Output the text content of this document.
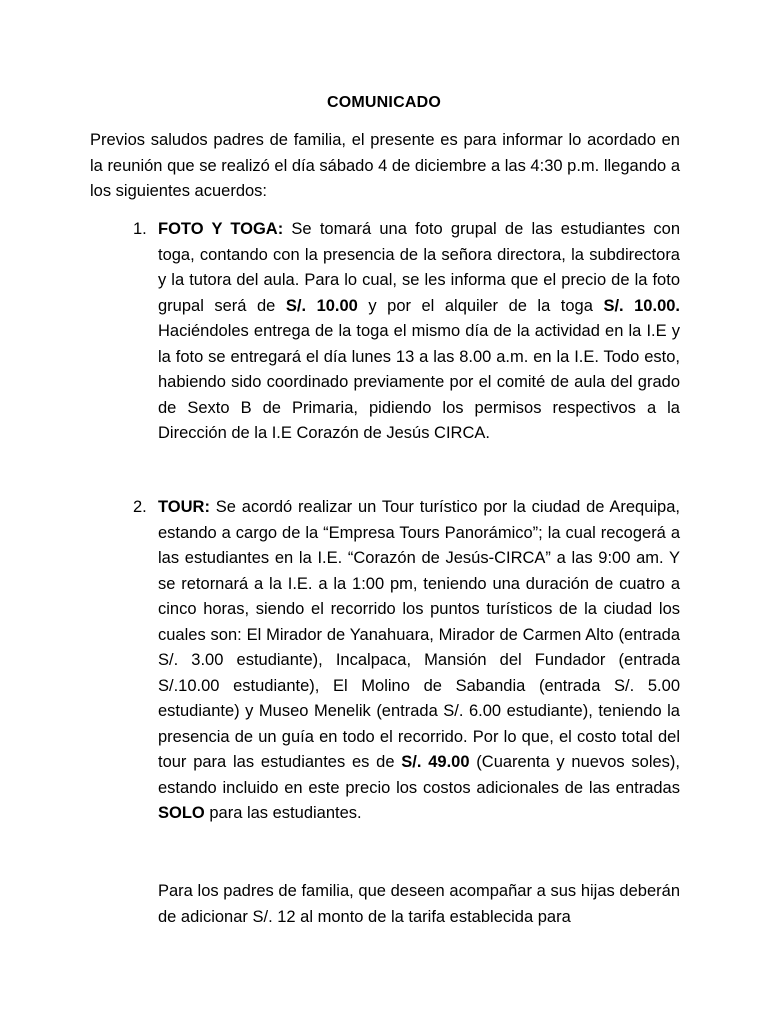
COMUNICADO

Previos saludos padres de familia, el presente es para informar lo acordado en la reunión que se realizó el día sábado 4 de diciembre a las 4:30 p.m. llegando a los siguientes acuerdos:

1. FOTO Y TOGA: Se tomará una foto grupal de las estudiantes con toga, contando con la presencia de la señora directora, la subdirectora y la tutora del aula. Para lo cual, se les informa que el precio de la foto grupal será de S/. 10.00 y por el alquiler de la toga S/. 10.00. Haciéndoles entrega de la toga el mismo día de la actividad en la I.E y la foto se entregará el día lunes 13 a las 8.00 a.m. en la I.E. Todo esto, habiendo sido coordinado previamente por el comité de aula del grado de Sexto B de Primaria, pidiendo los permisos respectivos a la Dirección de la I.E Corazón de Jesús CIRCA.

2. TOUR: Se acordó realizar un Tour turístico por la ciudad de Arequipa, estando a cargo de la “Empresa Tours Panorámico”; la cual recogerá a las estudiantes en la I.E. “Corazón de Jesús-CIRCA” a las 9:00 am. Y se retornará a la I.E. a la 1:00 pm, teniendo una duración de cuatro a cinco horas, siendo el recorrido los puntos turísticos de la ciudad los cuales son: El Mirador de Yanahuara, Mirador de Carmen Alto (entrada S/. 3.00 estudiante), Incalpaca, Mansión del Fundador (entrada S/.10.00 estudiante), El Molino de Sabandia (entrada S/. 5.00 estudiante) y Museo Menelik (entrada S/. 6.00 estudiante), teniendo la presencia de un guía en todo el recorrido. Por lo que, el costo total del tour para las estudiantes es de S/. 49.00 (Cuarenta y nuevos soles), estando incluido en este precio los costos adicionales de las entradas SOLO para las estudiantes.

Para los padres de familia, que deseen acompañar a sus hijas deberán de adicionar S/. 12 al monto de la tarifa establecida para
